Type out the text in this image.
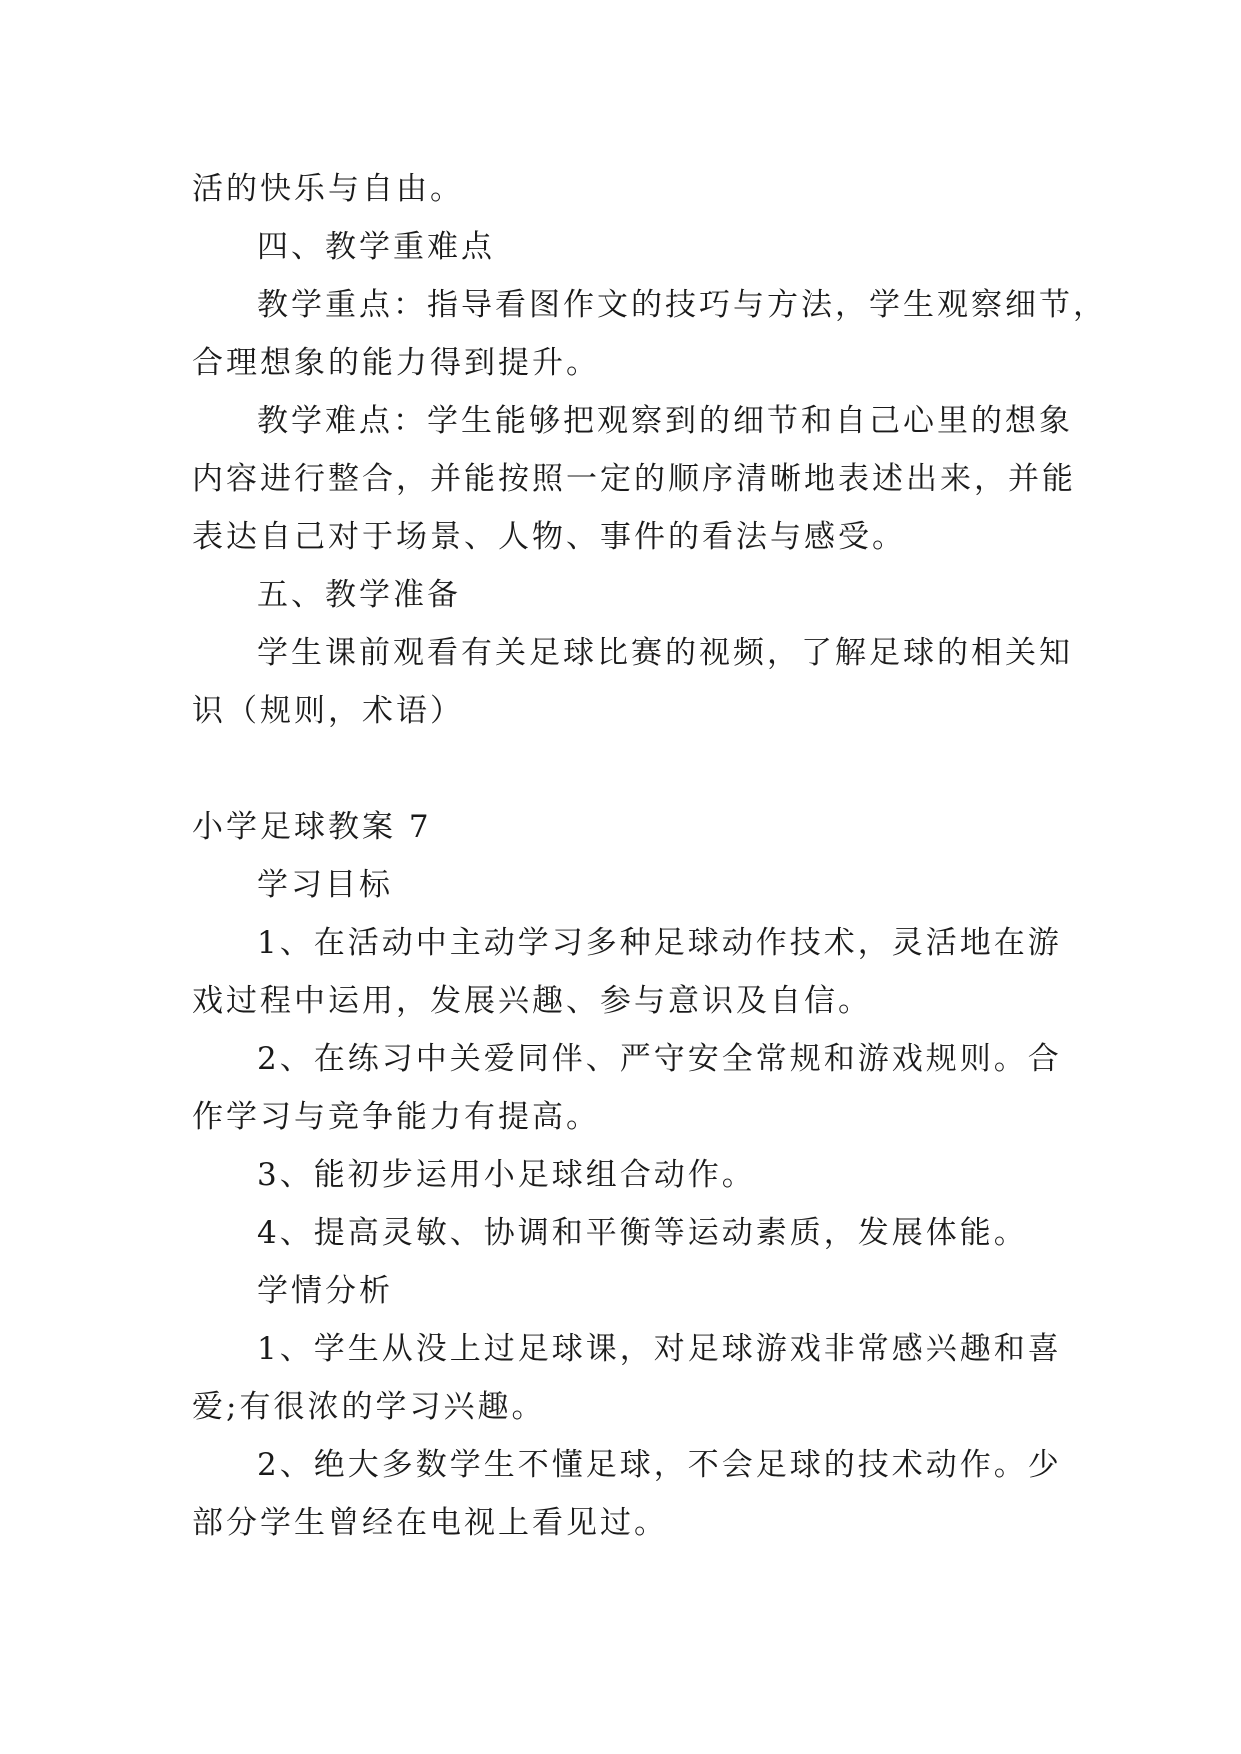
活的快乐与自由。
四、教学重难点
教学重点：指导看图作文的技巧与方法，学生观察细节，
合理想象的能力得到提升。
教学难点：学生能够把观察到的细节和自己心里的想象
内容进行整合，并能按照一定的顺序清晰地表述出来，并能
表达自己对于场景、人物、事件的看法与感受。
五、教学准备
学生课前观看有关足球比赛的视频，了解足球的相关知
识（规则，术语）
小学足球教案 7
学习目标
1、在活动中主动学习多种足球动作技术，灵活地在游
戏过程中运用，发展兴趣、参与意识及自信。
2、在练习中关爱同伴、严守安全常规和游戏规则。合
作学习与竞争能力有提高。
3、能初步运用小足球组合动作。
4、提高灵敏、协调和平衡等运动素质，发展体能。
学情分析
1、学生从没上过足球课，对足球游戏非常感兴趣和喜
爱;有很浓的学习兴趣。
2、绝大多数学生不懂足球，不会足球的技术动作。少
部分学生曾经在电视上看见过。
